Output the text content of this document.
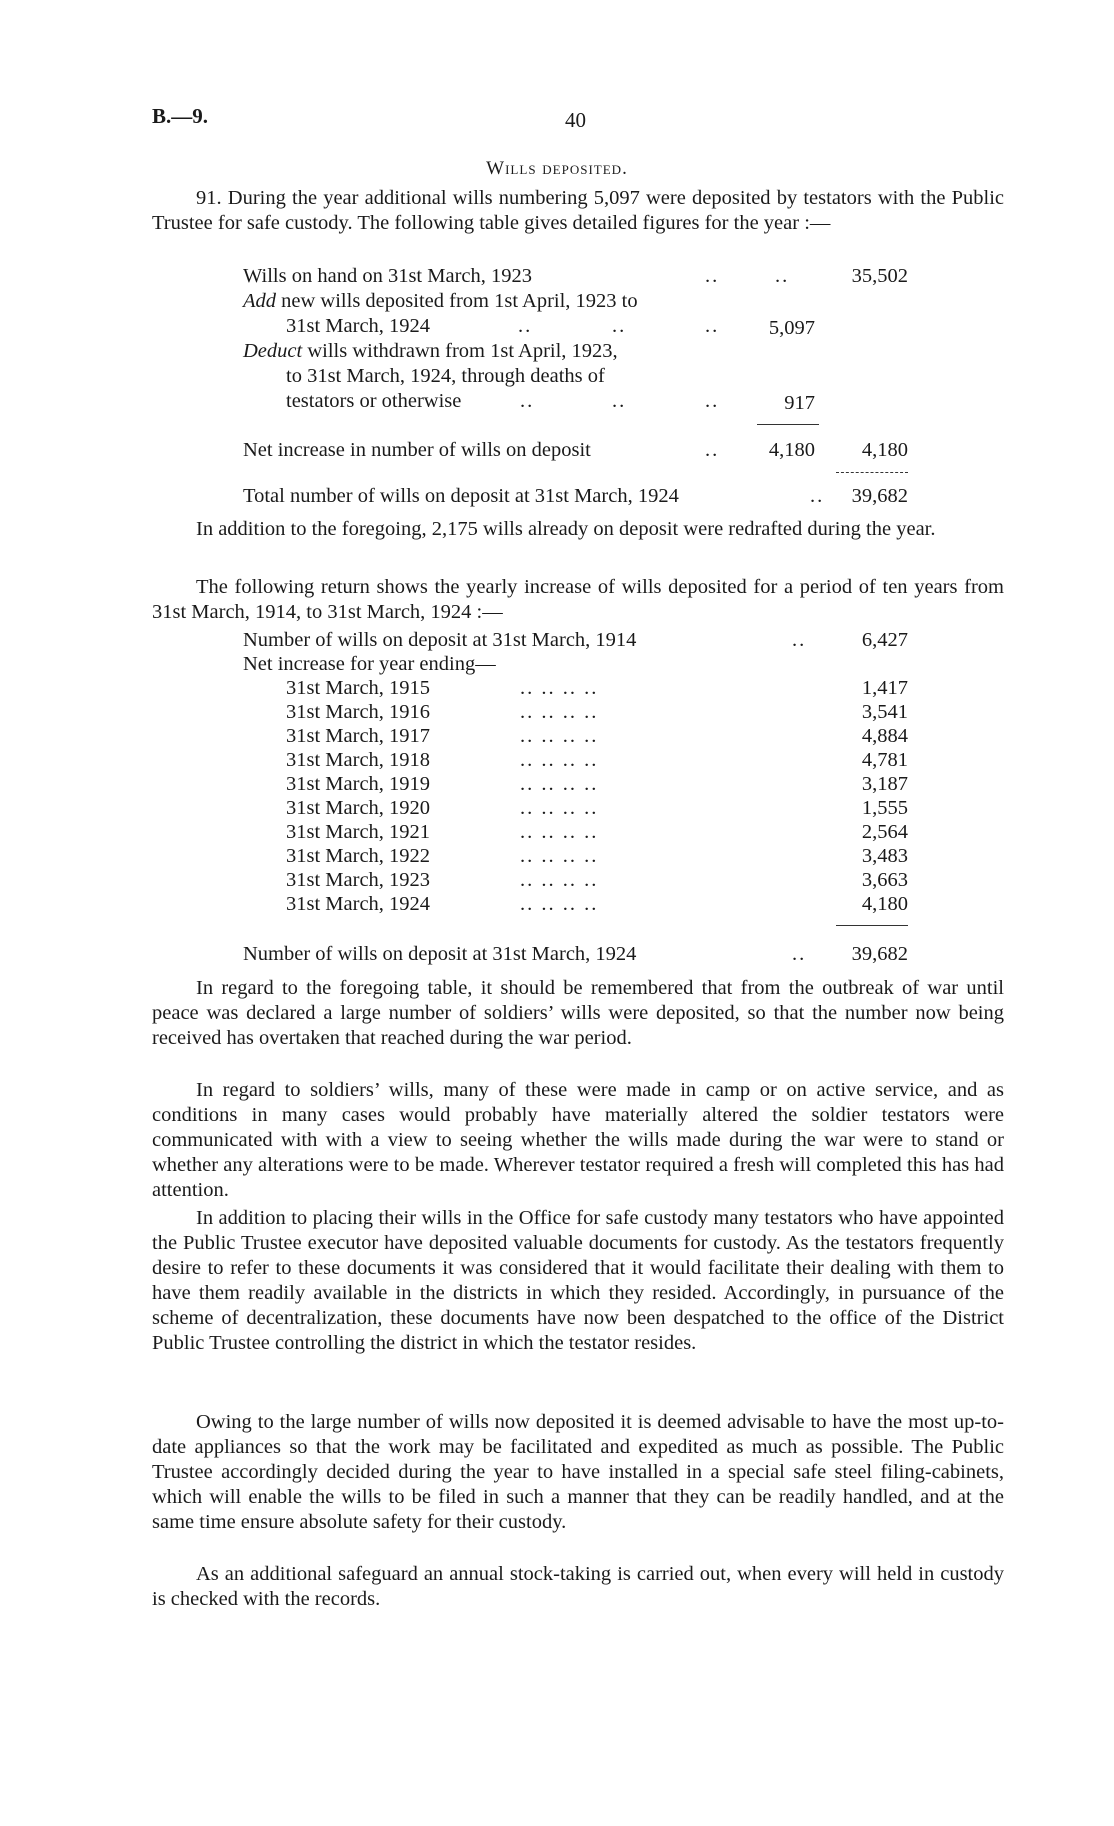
B.—9.	40
Wills deposited.

91. During the year additional wills numbering 5,097 were deposited by testators with the Public Trustee for safe custody. The following table gives detailed figures for the year :—

Wills on hand on 31st March, 1923	..	..	35,502
Add new wills deposited from 1st April, 1923 to
31st March, 1924	..	..	.. 5,097
Deduct wills withdrawn from 1st April, 1923,
to 31st March, 1924, through deaths of
testators or otherwise	..	..	..	917
Net increase in number of wills on deposit	.. 4,180 4,180
Total number of wills on deposit at 31st March, 1924	.. 39,682

In addition to the foregoing, 2,175 wills already on deposit were redrafted during the year.

The following return shows the yearly increase of wills deposited for a period of ten years from 31st March, 1914, to 31st March, 1924 :—

Number of wills on deposit at 31st March, 1914	..	6,427
Net increase for year ending—
31st March, 1915	.. .. .. ..	1,417
31st March, 1916	.. .. .. ..	3,541
31st March, 1917	.. .. .. ..	4,884
31st March, 1918	.. .. .. ..	4,781
31st March, 1919	.. .. .. ..	3,187
31st March, 1920	.. .. .. ..	1,555
31st March, 1921	.. .. .. ..	2,564
31st March, 1922	.. .. .. ..	3,483
31st March, 1923	.. .. .. ..	3,663
31st March, 1924	.. .. .. ..	4,180
Number of wills on deposit at 31st March, 1924	.. 39,682

In regard to the foregoing table, it should be remembered that from the outbreak of war until peace was declared a large number of soldiers’ wills were deposited, so that the number now being received has overtaken that reached during the war period.

In regard to soldiers’ wills, many of these were made in camp or on active service, and as conditions in many cases would probably have materially altered the soldier testators were communicated with with a view to seeing whether the wills made during the war were to stand or whether any alterations were to be made. Wherever testator required a fresh will completed this has had attention.

In addition to placing their wills in the Office for safe custody many testators who have appointed the Public Trustee executor have deposited valuable documents for custody. As the testators frequently desire to refer to these documents it was considered that it would facilitate their dealing with them to have them readily available in the districts in which they resided. Accordingly, in pursuance of the scheme of decentralization, these documents have now been despatched to the office of the District Public Trustee controlling the district in which the testator resides.

Owing to the large number of wills now deposited it is deemed advisable to have the most up-to-date appliances so that the work may be facilitated and expedited as much as possible. The Public Trustee accordingly decided during the year to have installed in a special safe steel filing-cabinets, which will enable the wills to be filed in such a manner that they can be readily handled, and at the same time ensure absolute safety for their custody.

As an additional safeguard an annual stock-taking is carried out, when every will held in custody is checked with the records.
